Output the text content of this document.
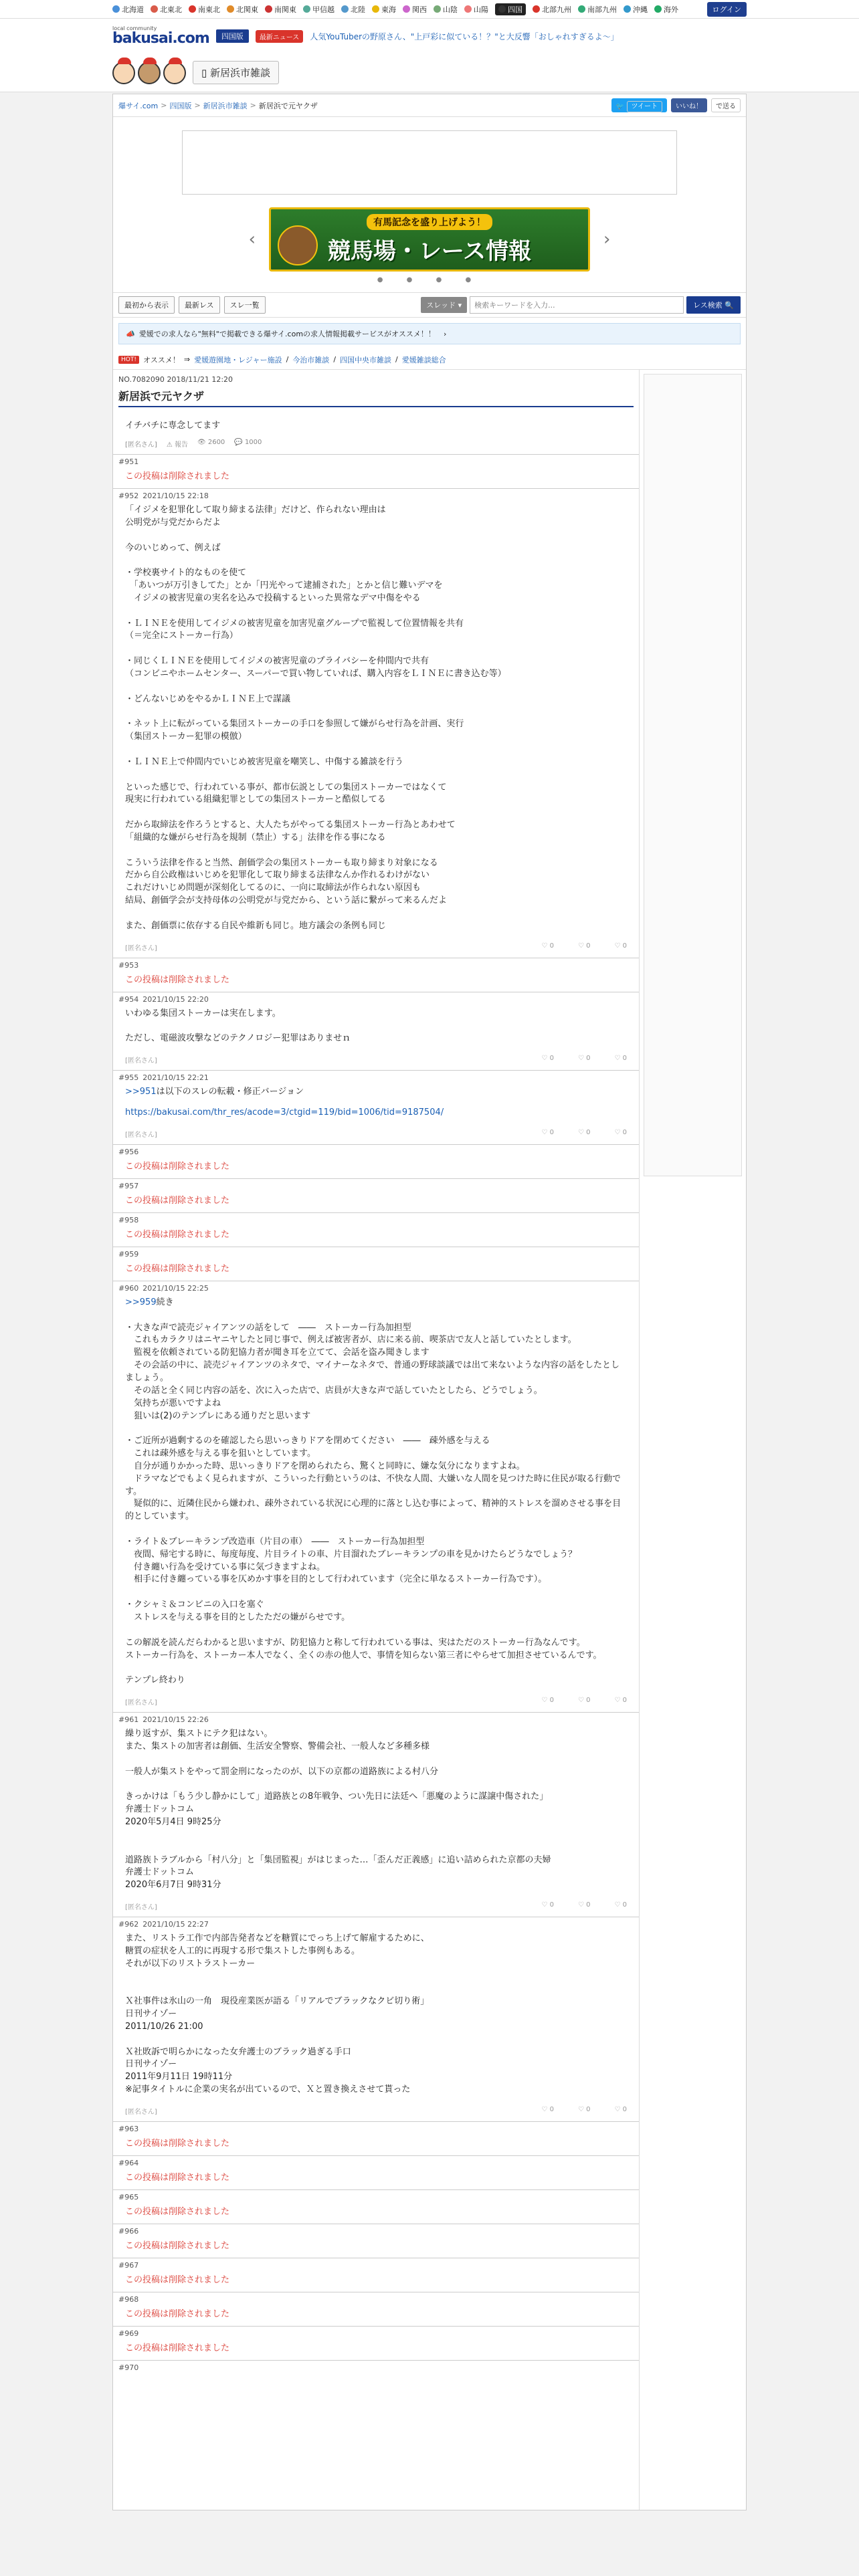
北海道 北東北 南東北 北関東 南関東 甲信越 北陸 東海 関西 山陰 山陽	四国	北部九州 南部九州 沖縄 海外	ログイン
local community
bakusai.com	四国版	最新ニュース	人気YouTuberの野原さん、"上戸彩に似ている！？"と大反響「おしゃれすぎるよ～」
▯ 新居浜市雑談
爆サイ.com > 四国版 > 新居浜市雑談 > 新居浜で元ヤクザ	🐦 ツイート	いいね！	で送る
‹
有馬記念を盛り上げよう！
競馬場・レース情報	›
● ● ● ●
最初から表示	最新レス	スレ一覧	スレッド ▾
検索キーワードを入力...	レス検索 🔍
📣 愛媛での求人なら"無料"で掲載できる爆サイ.comの求人情報掲載サービスがオススメ！！ ›
HOT! オススメ！ ⇒ 愛媛遊園地・レジャー施設 / 今治市雑談 / 四国中央市雑談 / 愛媛雑談総合
NO.7082090 2018/11/21 12:20
新居浜で元ヤクザ
イチバチに専念してます
[匿名さん] ⚠ 報告 👁 2600 💬 1000
#951
この投稿は削除されました
#952 2021/10/15 22:18
「イジメを犯罪化して取り締まる法律」だけど、作られない理由は
公明党が与党だからだよ

今のいじめって、例えば

・学校裏サイト的なものを使て
　「あいつが万引きしてた」とか「円光やって逮捕された」とかと信じ難いデマを
　イジメの被害児童の実名を込みで投稿するといった異常なデマ中傷をやる

・ＬＩＮＥを使用してイジメの被害児童を加害児童グループで監視して位置情報を共有
（＝完全にストーカー行為）

・同じくＬＩＮＥを使用してイジメの被害児童のプライバシーを仲間内で共有
（コンビニやホームセンター、スーパーで買い物していれば、購入内容をＬＩＮＥに書き込む等）

・どんないじめをやるかＬＩＮＥ上で謀議

・ネット上に転がっている集団ストーカーの手口を参照して嫌がらせ行為を計画、実行
（集団ストーカー犯罪の模倣）

・ＬＩＮＥ上で仲間内でいじめ被害児童を嘲笑し、中傷する雑談を行う

といった感じで、行われている事が、都市伝説としての集団ストーカーではなくて
現実に行われている組織犯罪としての集団ストーカーと酷似してる

だから取締法を作ろうとすると、大人たちがやってる集団ストーカー行為とあわせて
「組織的な嫌がらせ行為を規制（禁止）する」法律を作る事になる

こういう法律を作ると当然、創価学会の集団ストーカーも取り締まり対象になる
だから自公政権はいじめを犯罪化して取り締まる法律なんか作れるわけがない
これだけいじめ問題が深刻化してるのに、一向に取締法が作られない原因も
結局、創価学会が支持母体の公明党が与党だから、という話に繋がって来るんだよ

また、創価票に依存する自民や維新も同じ。地方議会の条例も同じ
[匿名さん]	♡ 0	♡ 0	♡ 0
#953
この投稿は削除されました
#954 2021/10/15 22:20
いわゆる集団ストーカーは実在します。

ただし、電磁波攻撃などのテクノロジー犯罪はありませｎ
[匿名さん]	♡ 0	♡ 0	♡ 0
#955 2021/10/15 22:21
>>951は以下のスレの転載・修正バージョン
https://bakusai.com/thr_res/acode=3/ctgid=119/bid=1006/tid=9187504/
[匿名さん]	♡ 0	♡ 0	♡ 0
#956
この投稿は削除されました
#957
この投稿は削除されました
#958
この投稿は削除されました
#959
この投稿は削除されました
#960 2021/10/15 22:25
>>959続き

・大きな声で読売ジャイアンツの話をして　――　ストーカー行為加担型
　これもカラクリはニヤニヤしたと同じ事で、例えば被害者が、店に来る前、喫茶店で友人と話していたとします。
　監視を依頼されている防犯協力者が聞き耳を立てて、会話を盗み聞きします
　その会話の中に、読売ジャイアンツのネタで、マイナーなネタで、普通の野球談議では出て来ないような内容の話をしたとしましょう。
　その話と全く同じ内容の話を、次に入った店で、店員が大きな声で話していたとしたら、どうでしょう。
　気持ちが悪いですよね
　狙いは(2)のテンプレにある通りだと思います

・ご近所が過剰するのを確認したら思いっきりドアを閉めてください　――　疎外感を与える
　これは疎外感を与える事を狙いとしています。
　自分が通りかかった時、思いっきりドアを閉められたら、驚くと同時に、嫌な気分になりますよね。
　ドラマなどでもよく見られますが、こういった行動というのは、不快な人間、大嫌いな人間を見つけた時に住民が取る行動です。
　疑似的に、近隣住民から嫌われ、疎外されている状況に心理的に落とし込む事によって、精神的ストレスを溜めさせる事を目的としています。

・ライト＆ブレーキランプ改造車（片目の車）　――　ストーカー行為加担型
　夜間、帰宅する時に、毎度毎度、片目ライトの車、片目溜れたブレーキランプの車を見かけたらどうなでしょう？
　付き纏い行為を受けている事に気づきますよね。
　相手に付き纏っている事を仄めかす事を目的として行われています（完全に単なるストーカー行為です）。

・クシャミ＆コンビニの入口を塞ぐ
　ストレスを与える事を目的としたただの嫌がらせです。

この解説を読んだらわかると思いますが、防犯協力と称して行われている事は、実はただのストーカー行為なんです。
ストーカー行為を、ストーカー本人でなく、全くの赤の他人で、事情を知らない第三者にやらせて加担させているんです。

テンプレ終わり
[匿名さん]	♡ 0	♡ 0	♡ 0
#961 2021/10/15 22:26
繰り返すが、集ストにテク犯はない。
また、集ストの加害者は創価、生活安全警察、警備会社、一般人など多種多様

一般人が集ストをやって罰金刑になったのが、以下の京都の道路族による村八分

きっかけは「もう少し静かにして」道路族との8年戦争、つい先日に法廷へ「悪魔のように謀譲中傷された」
弁護士ドットコム
2020年5月4日 9時25分

道路族トラブルから「村八分」と「集団監視」がはじまった…「歪んだ正義感」に追い詰められた京都の夫婦
弁護士ドットコム
2020年6月7日 9時31分
[匿名さん]	♡ 0	♡ 0	♡ 0
#962 2021/10/15 22:27
また、リストラ工作で内部告発者などを糖質にでっち上げて解雇するために、
糖質の症状を人工的に再現する形で集ストした事例もある。
それが以下のリストラストーカー

Ｘ社事件は氷山の一角　現役産業医が語る「リアルでブラックなクビ切り術」
日刊サイゾー
2011/10/26 21:00

Ｘ社敗訴で明らかになった女弁護士のブラック過ぎる手口
日刊サイゾー
2011年9月11日 19時11分
※記事タイトルに企業の実名が出ているので、Ｘと置き換えさせて貰った
[匿名さん]	♡ 0	♡ 0	♡ 0
#963
この投稿は削除されました
#964
この投稿は削除されました
#965
この投稿は削除されました
#966
この投稿は削除されました
#967
この投稿は削除されました
#968
この投稿は削除されました
#969
この投稿は削除されました
#970
